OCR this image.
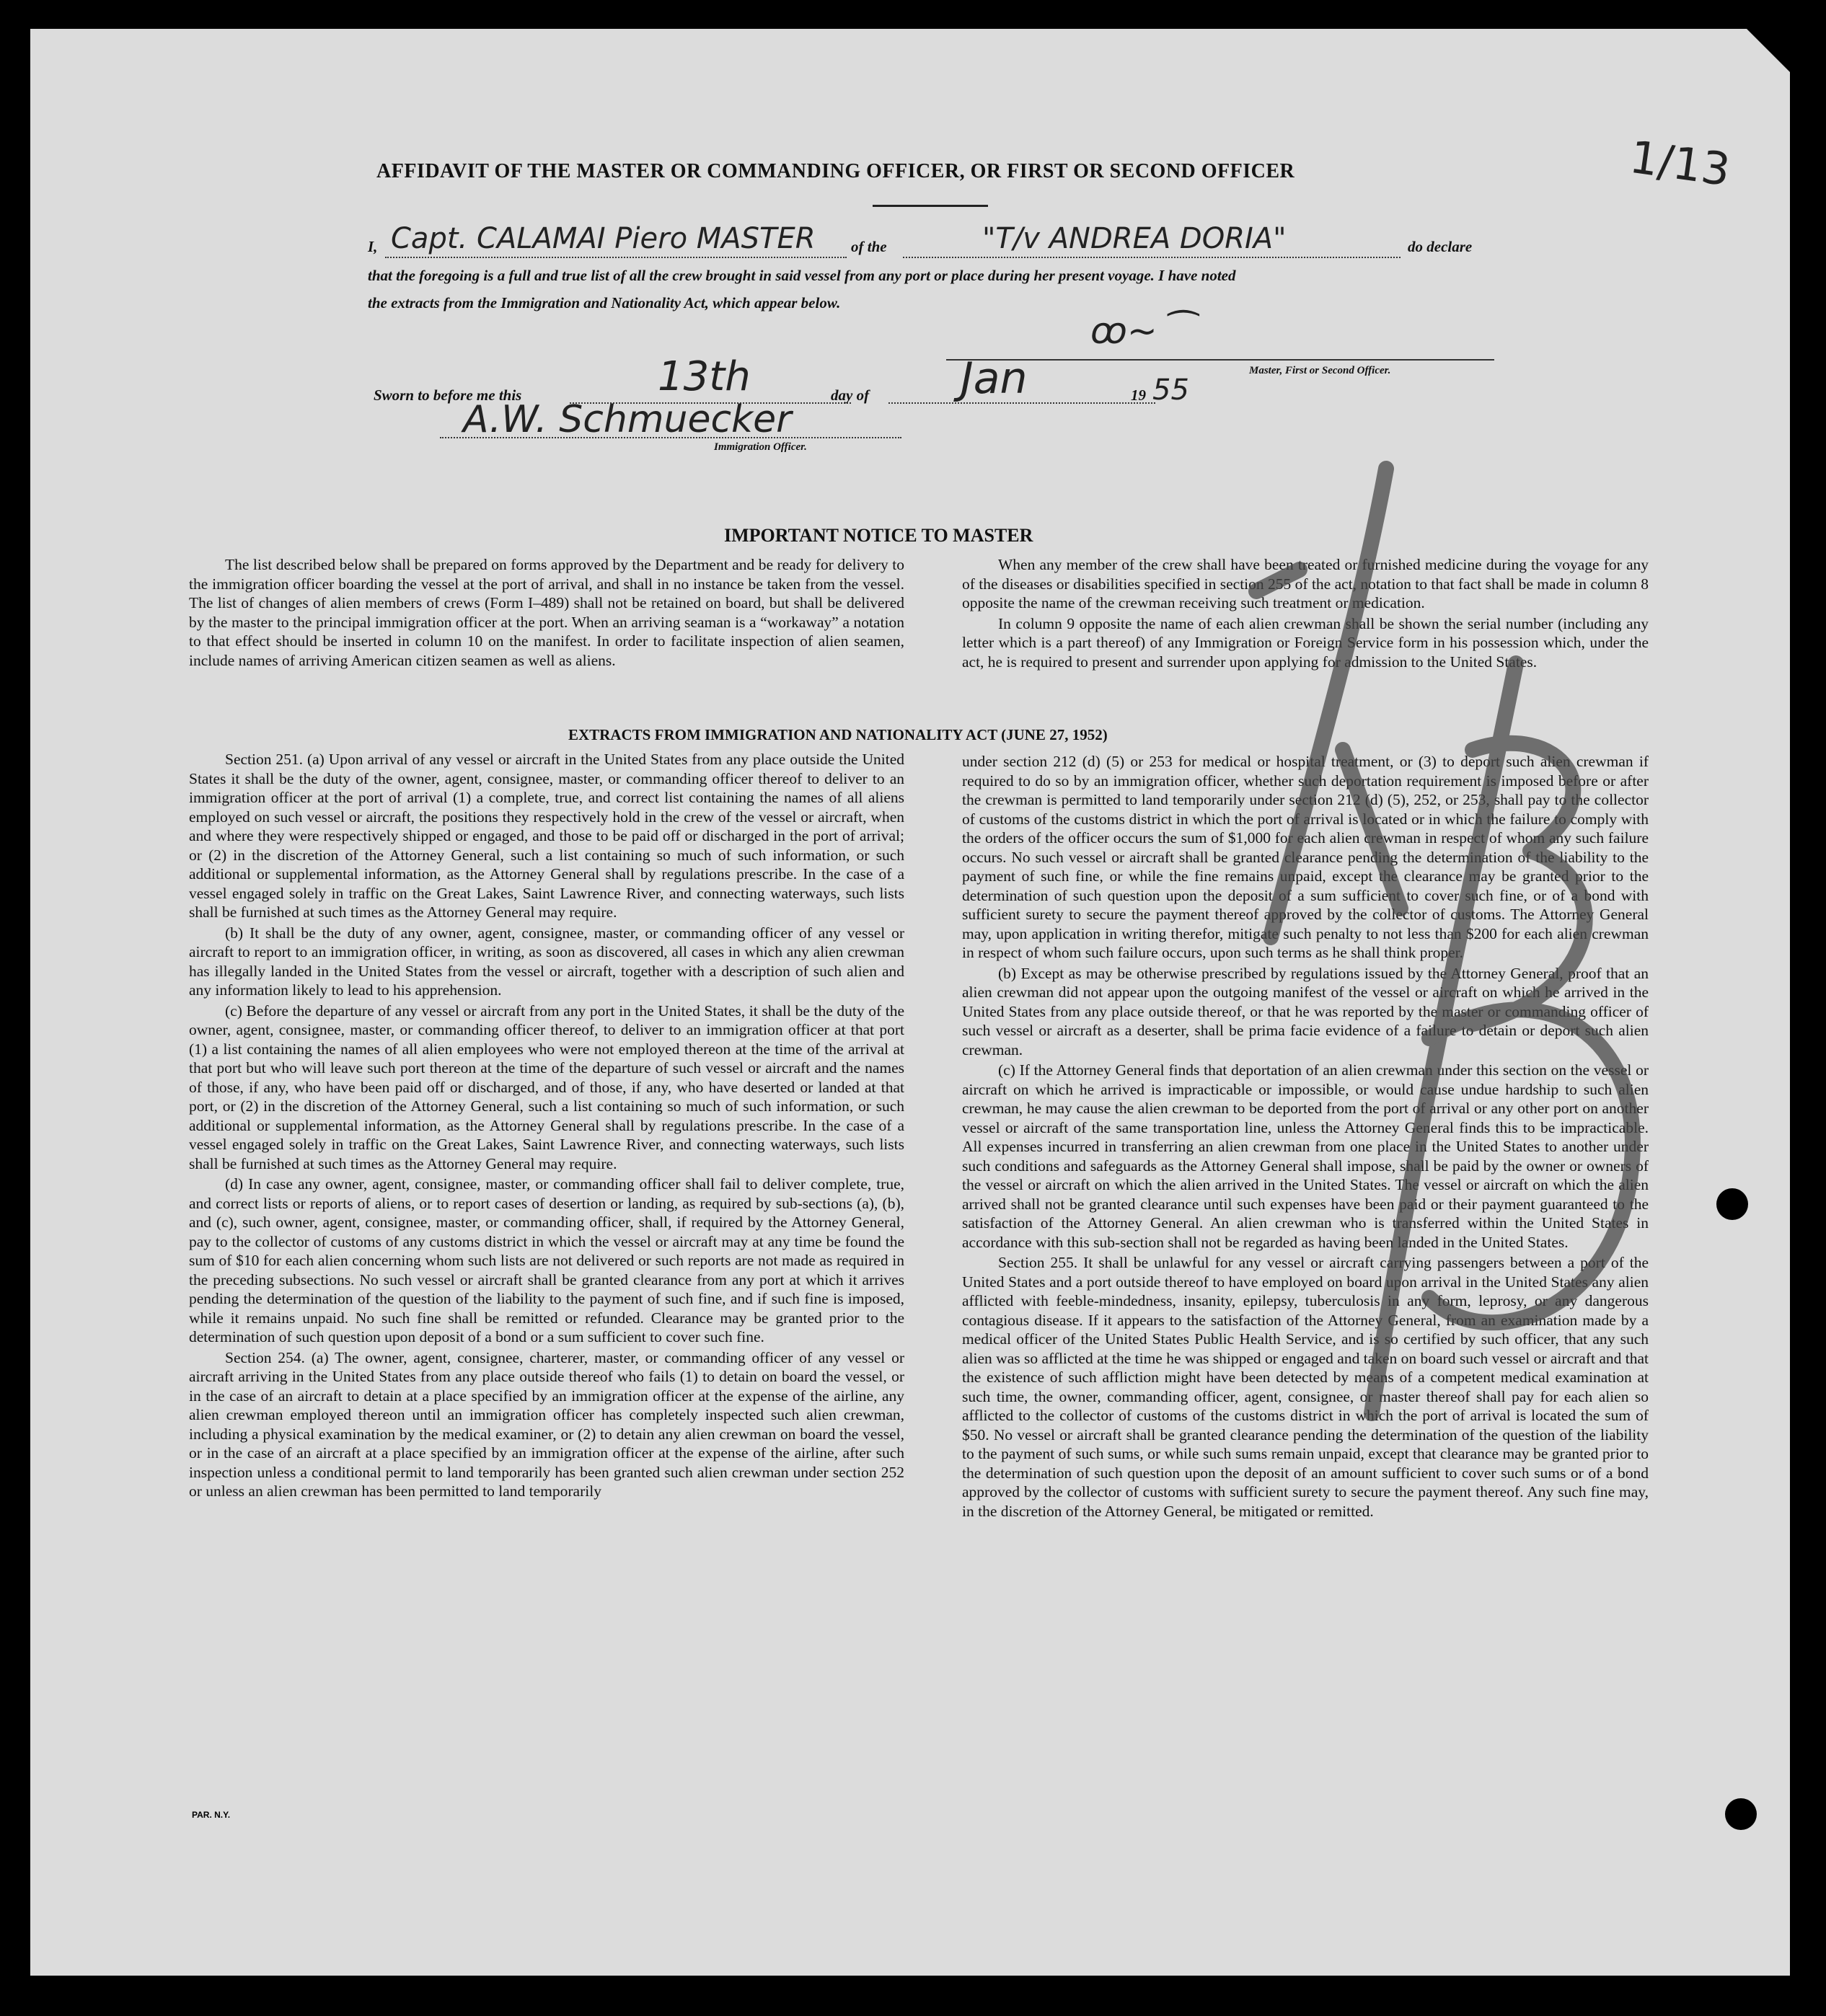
AFFIDAVIT OF THE MASTER OR COMMANDING OFFICER, OR FIRST OR SECOND OFFICER	1/13
I, Capt. CALAMAI Piero MASTER of the	"T/v ANDREA DORIA"	do declare
that the foregoing is a full and true list of all the crew brought in said vessel from any port or place during her present voyage. I have noted
the extracts from the Immigration and Nationality Act, which appear below.
ꝏ~ ⁀
Master, First or Second Officer.
Sworn to before me this	13th	day of Jan	19 55
A.W. Schmuecker
Immigration Officer.
IMPORTANT NOTICE TO MASTER

The list described below shall be prepared on forms approved by the Department and be ready for delivery to the immigration officer boarding the vessel at the port of arrival, and shall in no instance be taken from the vessel. The list of changes of alien members of crews (Form I–489) shall not be retained on board, but shall be delivered by the master to the principal immigration officer at the port. When an arriving seaman is a “workaway” a notation to that effect should be inserted in column 10 on the manifest. In order to facilitate inspection of alien seamen, include names of arriving American citizen seamen as well as aliens.

When any member of the crew shall have been treated or furnished medicine during the voyage for any of the diseases or disabilities specified in section 255 of the act, notation to that fact shall be made in column 8 opposite the name of the crewman receiving such treatment or medication.

In column 9 opposite the name of each alien crewman shall be shown the serial number (including any letter which is a part thereof) of any Immigration or Foreign Service form in his possession which, under the act, he is required to present and surrender upon applying for admission to the United States.

EXTRACTS FROM IMMIGRATION AND NATIONALITY ACT (JUNE 27, 1952)

Section 251. (a) Upon arrival of any vessel or aircraft in the United States from any place outside the United States it shall be the duty of the owner, agent, consignee, master, or commanding officer thereof to deliver to an immigration officer at the port of arrival (1) a complete, true, and correct list containing the names of all aliens employed on such vessel or aircraft, the positions they respectively hold in the crew of the vessel or aircraft, when and where they were respectively shipped or engaged, and those to be paid off or discharged in the port of arrival; or (2) in the discretion of the Attorney General, such a list containing so much of such information, or such additional or supplemental information, as the Attorney General shall by regulations prescribe. In the case of a vessel engaged solely in traffic on the Great Lakes, Saint Lawrence River, and connecting waterways, such lists shall be furnished at such times as the Attorney General may require.

(b) It shall be the duty of any owner, agent, consignee, master, or commanding officer of any vessel or aircraft to report to an immigration officer, in writing, as soon as discovered, all cases in which any alien crewman has illegally landed in the United States from the vessel or aircraft, together with a description of such alien and any information likely to lead to his apprehension.

(c) Before the departure of any vessel or aircraft from any port in the United States, it shall be the duty of the owner, agent, consignee, master, or commanding officer thereof, to deliver to an immigration officer at that port (1) a list containing the names of all alien employees who were not employed thereon at the time of the arrival at that port but who will leave such port thereon at the time of the departure of such vessel or aircraft and the names of those, if any, who have been paid off or discharged, and of those, if any, who have deserted or landed at that port, or (2) in the discretion of the Attorney General, such a list containing so much of such information, or such additional or supplemental information, as the Attorney General shall by regulations prescribe. In the case of a vessel engaged solely in traffic on the Great Lakes, Saint Lawrence River, and connecting waterways, such lists shall be furnished at such times as the Attorney General may require.

(d) In case any owner, agent, consignee, master, or commanding officer shall fail to deliver complete, true, and correct lists or reports of aliens, or to report cases of desertion or landing, as required by sub-sections (a), (b), and (c), such owner, agent, consignee, master, or commanding officer, shall, if required by the Attorney General, pay to the collector of customs of any customs district in which the vessel or aircraft may at any time be found the sum of $10 for each alien concerning whom such lists are not delivered or such reports are not made as required in the preceding subsections. No such vessel or aircraft shall be granted clearance from any port at which it arrives pending the determination of the question of the liability to the payment of such fine, and if such fine is imposed, while it remains unpaid. No such fine shall be remitted or refunded. Clearance may be granted prior to the determination of such question upon deposit of a bond or a sum sufficient to cover such fine.

Section 254. (a) The owner, agent, consignee, charterer, master, or commanding officer of any vessel or aircraft arriving in the United States from any place outside thereof who fails (1) to detain on board the vessel, or in the case of an aircraft to detain at a place specified by an immigration officer at the expense of the airline, any alien crewman employed thereon until an immigration officer has completely inspected such alien crewman, including a physical examination by the medical examiner, or (2) to detain any alien crewman on board the vessel, or in the case of an aircraft at a place specified by an immigration officer at the expense of the airline, after such inspection unless a conditional permit to land temporarily has been granted such alien crewman under section 252 or unless an alien crewman has been permitted to land temporarily

under section 212 (d) (5) or 253 for medical or hospital treatment, or (3) to deport such alien crewman if required to do so by an immigration officer, whether such deportation requirement is imposed before or after the crewman is permitted to land temporarily under section 212 (d) (5), 252, or 253, shall pay to the collector of customs of the customs district in which the port of arrival is located or in which the failure to comply with the orders of the officer occurs the sum of $1,000 for each alien crewman in respect of whom any such failure occurs. No such vessel or aircraft shall be granted clearance pending the determination of the liability to the payment of such fine, or while the fine remains unpaid, except the clearance may be granted prior to the determination of such question upon the deposit of a sum sufficient to cover such fine, or of a bond with sufficient surety to secure the payment thereof approved by the collector of customs. The Attorney General may, upon application in writing therefor, mitigate such penalty to not less than $200 for each alien crewman in respect of whom such failure occurs, upon such terms as he shall think proper.

(b) Except as may be otherwise prescribed by regulations issued by the Attorney General, proof that an alien crewman did not appear upon the outgoing manifest of the vessel or aircraft on which he arrived in the United States from any place outside thereof, or that he was reported by the master or commanding officer of such vessel or aircraft as a deserter, shall be prima facie evidence of a failure to detain or deport such alien crewman.

(c) If the Attorney General finds that deportation of an alien crewman under this section on the vessel or aircraft on which he arrived is impracticable or impossible, or would cause undue hardship to such alien crewman, he may cause the alien crewman to be deported from the port of arrival or any other port on another vessel or aircraft of the same transportation line, unless the Attorney General finds this to be impracticable. All expenses incurred in transferring an alien crewman from one place in the United States to another under such conditions and safeguards as the Attorney General shall impose, shall be paid by the owner or owners of the vessel or aircraft on which the alien arrived in the United States. The vessel or aircraft on which the alien arrived shall not be granted clearance until such expenses have been paid or their payment guaranteed to the satisfaction of the Attorney General. An alien crewman who is transferred within the United States in accordance with this sub-section shall not be regarded as having been landed in the United States.

Section 255. It shall be unlawful for any vessel or aircraft carrying passengers between a port of the United States and a port outside thereof to have employed on board upon arrival in the United States any alien afflicted with feeble-mindedness, insanity, epilepsy, tuberculosis in any form, leprosy, or any dangerous contagious disease. If it appears to the satisfaction of the Attorney General, from an examination made by a medical officer of the United States Public Health Service, and is so certified by such officer, that any such alien was so afflicted at the time he was shipped or engaged and taken on board such vessel or aircraft and that the existence of such affliction might have been detected by means of a competent medical examination at such time, the owner, commanding officer, agent, consignee, or master thereof shall pay for each alien so afflicted to the collector of customs of the customs district in which the port of arrival is located the sum of $50. No vessel or aircraft shall be granted clearance pending the determination of the question of the liability to the payment of such sums, or while such sums remain unpaid, except that clearance may be granted prior to the determination of such question upon the deposit of an amount sufficient to cover such sums or of a bond approved by the collector of customs with sufficient surety to secure the payment thereof. Any such fine may, in the discretion of the Attorney General, be mitigated or remitted.

PAR. N.Y.
